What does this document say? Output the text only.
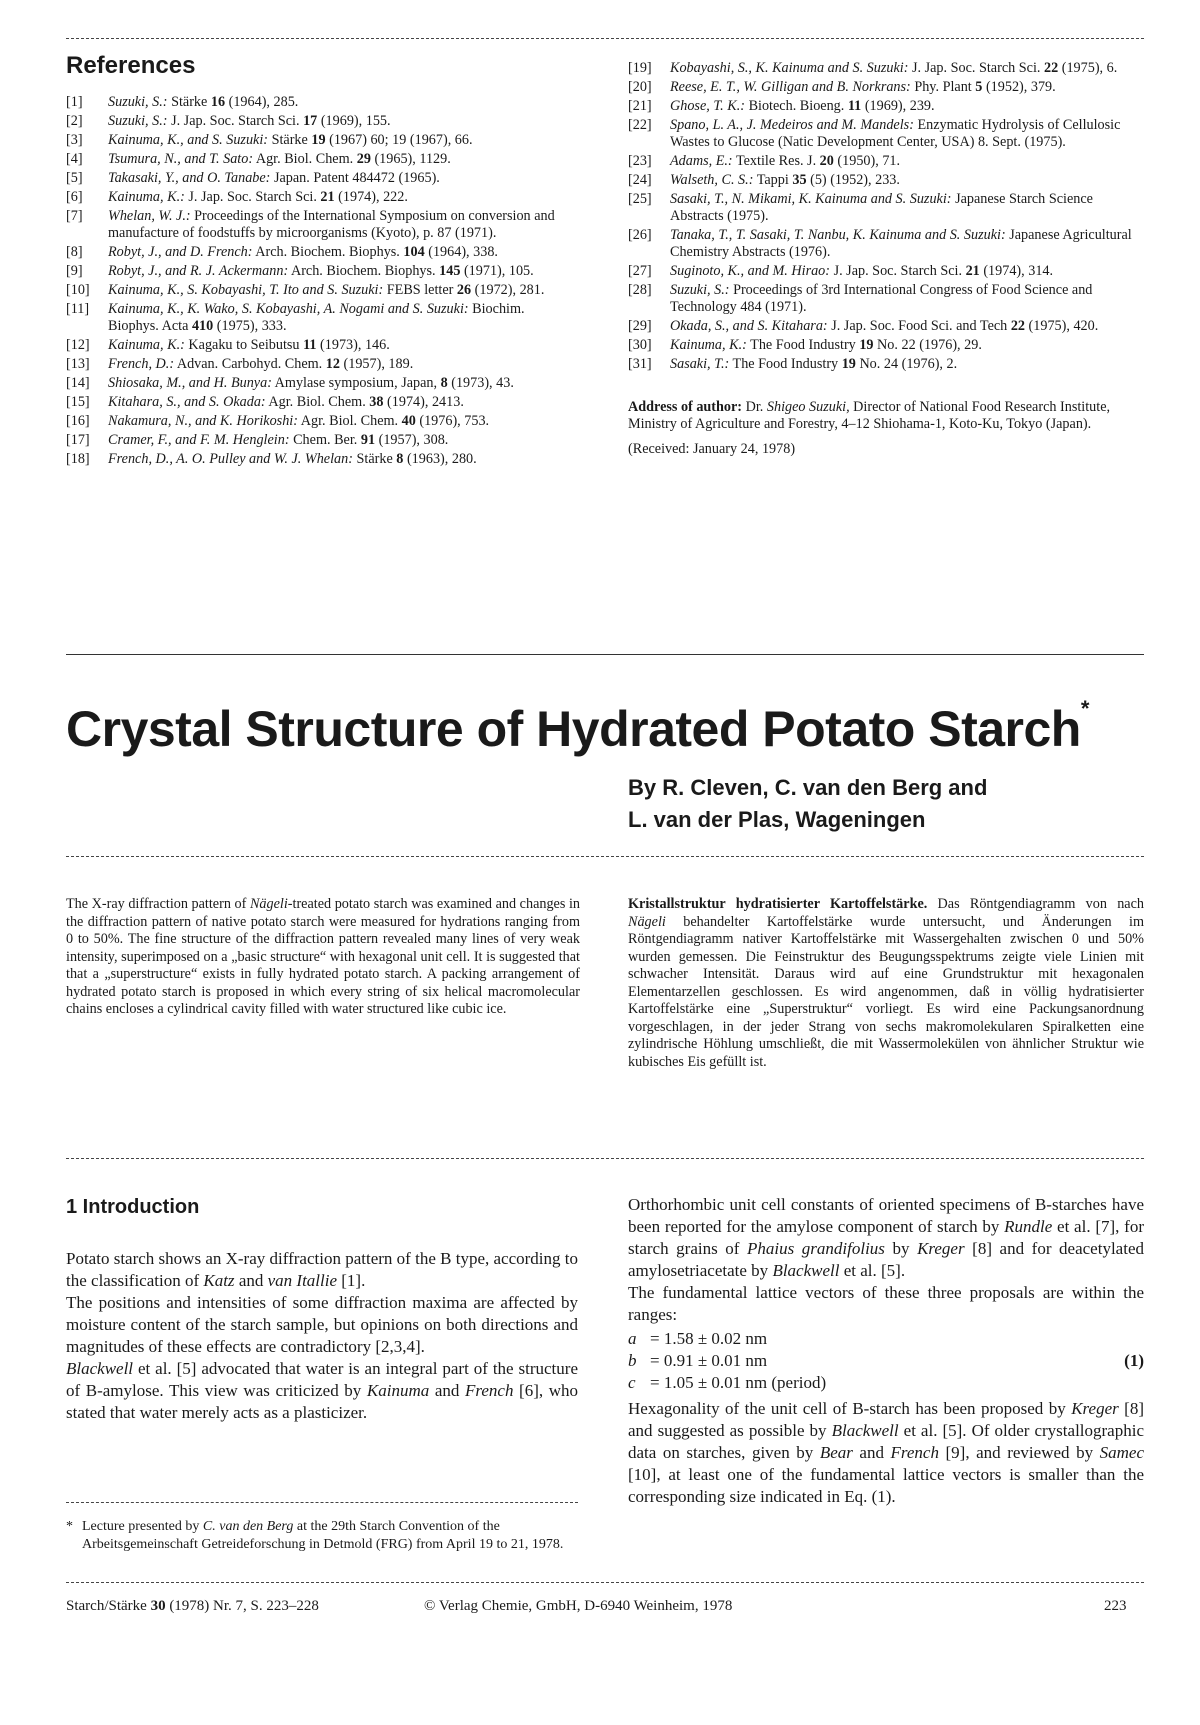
References
[1]	Suzuki, S.: Stärke 16 (1964), 285.
[2]	Suzuki, S.: J. Jap. Soc. Starch Sci. 17 (1969), 155.
[3]	Kainuma, K., and S. Suzuki: Stärke 19 (1967) 60; 19 (1967), 66.
[4]	Tsumura, N., and T. Sato: Agr. Biol. Chem. 29 (1965), 1129.
[5]	Takasaki, Y., and O. Tanabe: Japan. Patent 484472 (1965).
[6]	Kainuma, K.: J. Jap. Soc. Starch Sci. 21 (1974), 222.
[7]	Whelan, W. J.: Proceedings of the International Symposium on conversion and manufacture of foodstuffs by microorganisms (Kyoto), p. 87 (1971).
[8]	Robyt, J., and D. French: Arch. Biochem. Biophys. 104 (1964), 338.
[9]	Robyt, J., and R. J. Ackermann: Arch. Biochem. Biophys. 145 (1971), 105.
[10]	Kainuma, K., S. Kobayashi, T. Ito and S. Suzuki: FEBS letter 26 (1972), 281.
[11]	Kainuma, K., K. Wako, S. Kobayashi, A. Nogami and S. Suzuki: Biochim. Biophys. Acta 410 (1975), 333.
[12]	Kainuma, K.: Kagaku to Seibutsu 11 (1973), 146.
[13]	French, D.: Advan. Carbohyd. Chem. 12 (1957), 189.
[14]	Shiosaka, M., and H. Bunya: Amylase symposium, Japan, 8 (1973), 43.
[15]	Kitahara, S., and S. Okada: Agr. Biol. Chem. 38 (1974), 2413.
[16]	Nakamura, N., and K. Horikoshi: Agr. Biol. Chem. 40 (1976), 753.
[17]	Cramer, F., and F. M. Henglein: Chem. Ber. 91 (1957), 308.
[18]	French, D., A. O. Pulley and W. J. Whelan: Stärke 8 (1963), 280.
[19]	Kobayashi, S., K. Kainuma and S. Suzuki: J. Jap. Soc. Starch Sci. 22 (1975), 6.
[20]	Reese, E. T., W. Gilligan and B. Norkrans: Phy. Plant 5 (1952), 379.
[21]	Ghose, T. K.: Biotech. Bioeng. 11 (1969), 239.
[22]	Spano, L. A., J. Medeiros and M. Mandels: Enzymatic Hydrolysis of Cellulosic Wastes to Glucose (Natic Development Center, USA) 8. Sept. (1975).
[23]	Adams, E.: Textile Res. J. 20 (1950), 71.
[24]	Walseth, C. S.: Tappi 35 (5) (1952), 233.
[25]	Sasaki, T., N. Mikami, K. Kainuma and S. Suzuki: Japanese Starch Science Abstracts (1975).
[26]	Tanaka, T., T. Sasaki, T. Nanbu, K. Kainuma and S. Suzuki: Japanese Agricultural Chemistry Abstracts (1976).
[27]	Suginoto, K., and M. Hirao: J. Jap. Soc. Starch Sci. 21 (1974), 314.
[28]	Suzuki, S.: Proceedings of 3rd International Congress of Food Science and Technology 484 (1971).
[29]	Okada, S., and S. Kitahara: J. Jap. Soc. Food Sci. and Tech 22 (1975), 420.
[30]	Kainuma, K.: The Food Industry 19 No. 22 (1976), 29.
[31]	Sasaki, T.: The Food Industry 19 No. 24 (1976), 2.
Address of author: Dr. Shigeo Suzuki, Director of National Food Research Institute, Ministry of Agriculture and Forestry, 4–12 Shiohama-1, Koto-Ku, Tokyo (Japan).
(Received: January 24, 1978)
Crystal Structure of Hydrated Potato Starch*
By R. Cleven, C. van den Berg and
L. van der Plas, Wageningen
The X-ray diffraction pattern of Nägeli-treated potato starch was examined and changes in the diffraction pattern of native potato starch were measured for hydrations ranging from 0 to 50%. The fine structure of the diffraction pattern revealed many lines of very weak intensity, superimposed on a „basic structure“ with hexagonal unit cell. It is suggested that that a „superstructure“ exists in fully hydrated potato starch. A packing arrangement of hydrated potato starch is proposed in which every string of six helical macromolecular chains encloses a cylindrical cavity filled with water structured like cubic ice.
Kristallstruktur hydratisierter Kartoffelstärke. Das Röntgendiagramm von nach Nägeli behandelter Kartoffelstärke wurde untersucht, und Änderungen im Röntgendiagramm nativer Kartoffelstärke mit Wassergehalten zwischen 0 und 50% wurden gemessen. Die Feinstruktur des Beugungsspektrums zeigte viele Linien mit schwacher Intensität. Daraus wird auf eine Grundstruktur mit hexagonalen Elementarzellen geschlossen. Es wird angenommen, daß in völlig hydratisierter Kartoffelstärke eine „Superstruktur“ vorliegt. Es wird eine Packungsanordnung vorgeschlagen, in der jeder Strang von sechs makromolekularen Spiralketten eine zylindrische Höhlung umschließt, die mit Wassermolekülen von ähnlicher Struktur wie kubisches Eis gefüllt ist.
1 Introduction

Potato starch shows an X-ray diffraction pattern of the B type, according to the classification of Katz and van Itallie [1].

The positions and intensities of some diffraction maxima are affected by moisture content of the starch sample, but opinions on both directions and magnitudes of these effects are contradictory [2,3,4].

Blackwell et al. [5] advocated that water is an integral part of the structure of B-amylose. This view was criticized by Kainuma and French [6], who stated that water merely acts as a plasticizer.

* Lecture presented by C. van den Berg at the 29th Starch Convention of the Arbeitsgemeinschaft Getreideforschung in Detmold (FRG) from April 19 to 21, 1978.

Orthorhombic unit cell constants of oriented specimens of B-starches have been reported for the amylose component of starch by Rundle et al. [7], for starch grains of Phaius grandifolius by Kreger [8] and for deacetylated amylosetriacetate by Blackwell et al. [5].

The fundamental lattice vectors of these three proposals are within the ranges:

a = 1.58 ± 0.02 nm
b = 0.91 ± 0.01 nm
c = 1.05 ± 0.01 nm (period)
(1)

Hexagonality of the unit cell of B-starch has been proposed by Kreger [8] and suggested as possible by Blackwell et al. [5]. Of older crystallographic data on starches, given by Bear and French [9], and reviewed by Samec [10], at least one of the fundamental lattice vectors is smaller than the corresponding size indicated in Eq. (1).

Starch/Stärke 30 (1978) Nr. 7, S. 223–228	© Verlag Chemie, GmbH, D-6940 Weinheim, 1978	223
